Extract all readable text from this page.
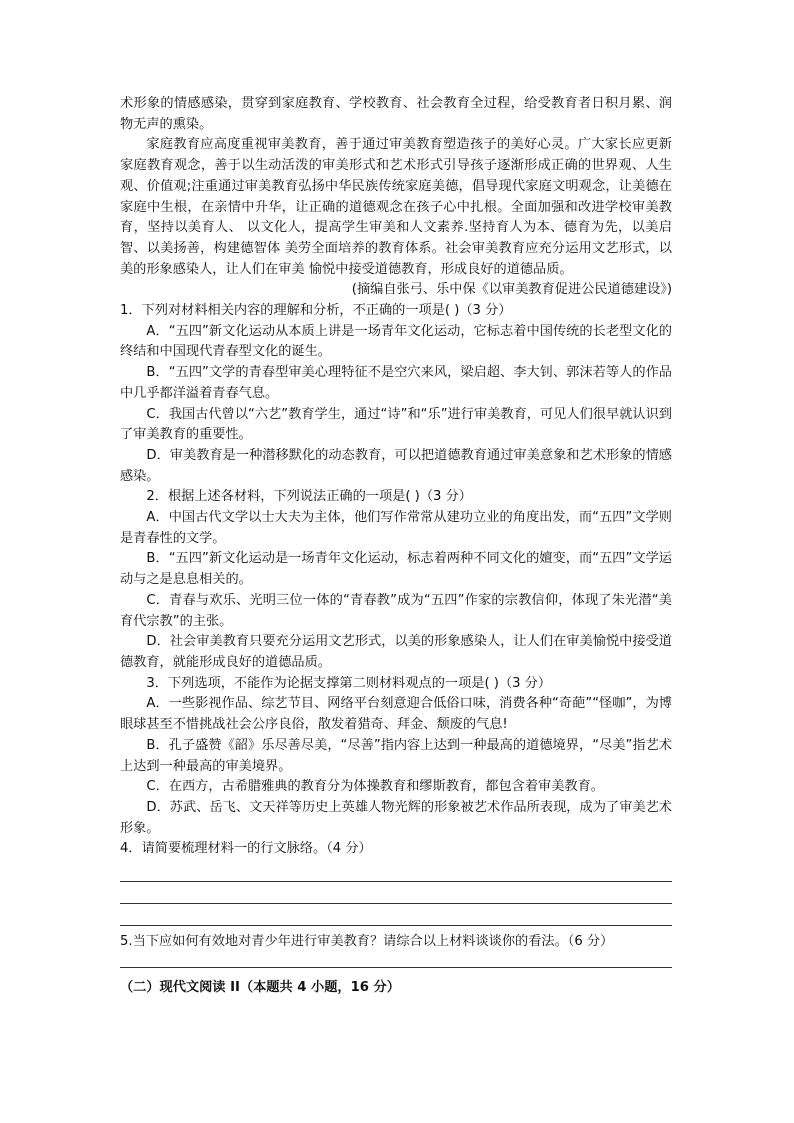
术形象的情感感染，贯穿到家庭教育、学校教育、社会教育全过程，给受教育者日积月累、润物无声的熏染。

家庭教育应高度重视审美教育，善于通过审美教育塑造孩子的美好心灵。广大家长应更新家庭教育观念，善于以生动活泼的审美形式和艺术形式引导孩子逐渐形成正确的世界观、人生观、价值观;注重通过审美教育弘扬中华民族传统家庭美德，倡导现代家庭文明观念，让美德在家庭中生根，在亲情中升华，让正确的道德观念在孩子心中扎根。全面加强和改进学校审美教育，坚持以美育人、 以文化人，提高学生审美和人文素养.坚持育人为本、德育为先，以美启智、以美扬善，构建德智体 美劳全面培养的教育体系。社会审美教育应充分运用文艺形式，以美的形象感染人，让人们在审美 愉悦中接受道德教育，形成良好的道德品质。

(摘编自张弓、乐中保《以审美教育促进公民道德建设》)

1．下列对材料相关内容的理解和分析，不正确的一项是( )（3 分）

A．“五四”新文化运动从本质上讲是一场青年文化运动，它标志着中国传统的长老型文化的终结和中国现代青春型文化的诞生。

B．“五四”文学的青春型审美心理特征不是空穴来风，梁启超、李大钊、郭沫若等人的作品中几乎都洋溢着青春气息。

C．我国古代曾以“六艺”教育学生，通过“诗”和“乐”进行审美教育，可见人们很早就认识到了审美教育的重要性。

D．审美教育是一种潜移默化的动态教育，可以把道德教育通过审美意象和艺术形象的情感感染。

2．根据上述各材料，下列说法正确的一项是( )（3 分）

A．中国古代文学以士大夫为主体，他们写作常常从建功立业的角度出发，而“五四”文学则是青春性的文学。

B．“五四”新文化运动是一场青年文化运动，标志着两种不同文化的嬗变，而“五四”文学运动与之是息息相关的。

C．青春与欢乐、光明三位一体的“青春教”成为“五四”作家的宗教信仰，体现了朱光潜“美育代宗教”的主张。

D．社会审美教育只要充分运用文艺形式，以美的形象感染人，让人们在审美愉悦中接受道德教育，就能形成良好的道德品质。

3．下列选项，不能作为论据支撑第二则材料观点的一项是( )（3 分）

A．一些影视作品、综艺节目、网络平台刻意迎合低俗口味，消费各种“奇葩”“怪咖”，为博眼球甚至不惜挑战社会公序良俗，散发着猎奇、拜金、颓废的气息!

B．孔子盛赞《韶》乐尽善尽美，“尽善”指内容上达到一种最高的道德境界，“尽美”指艺术上达到一种最高的审美境界。

C．在西方，古希腊雅典的教育分为体操教育和缪斯教育，都包含着审美教育。

D．苏武、岳飞、文天祥等历史上英雄人物光辉的形象被艺术作品所表现，成为了审美艺术形象。

4．请简要梳理材料一的行文脉络。（4 分）

5.当下应如何有效地对青少年进行审美教育？请综合以上材料谈谈你的看法。（6 分）

（二）现代文阅读 II（本题共 4 小题，16 分）
